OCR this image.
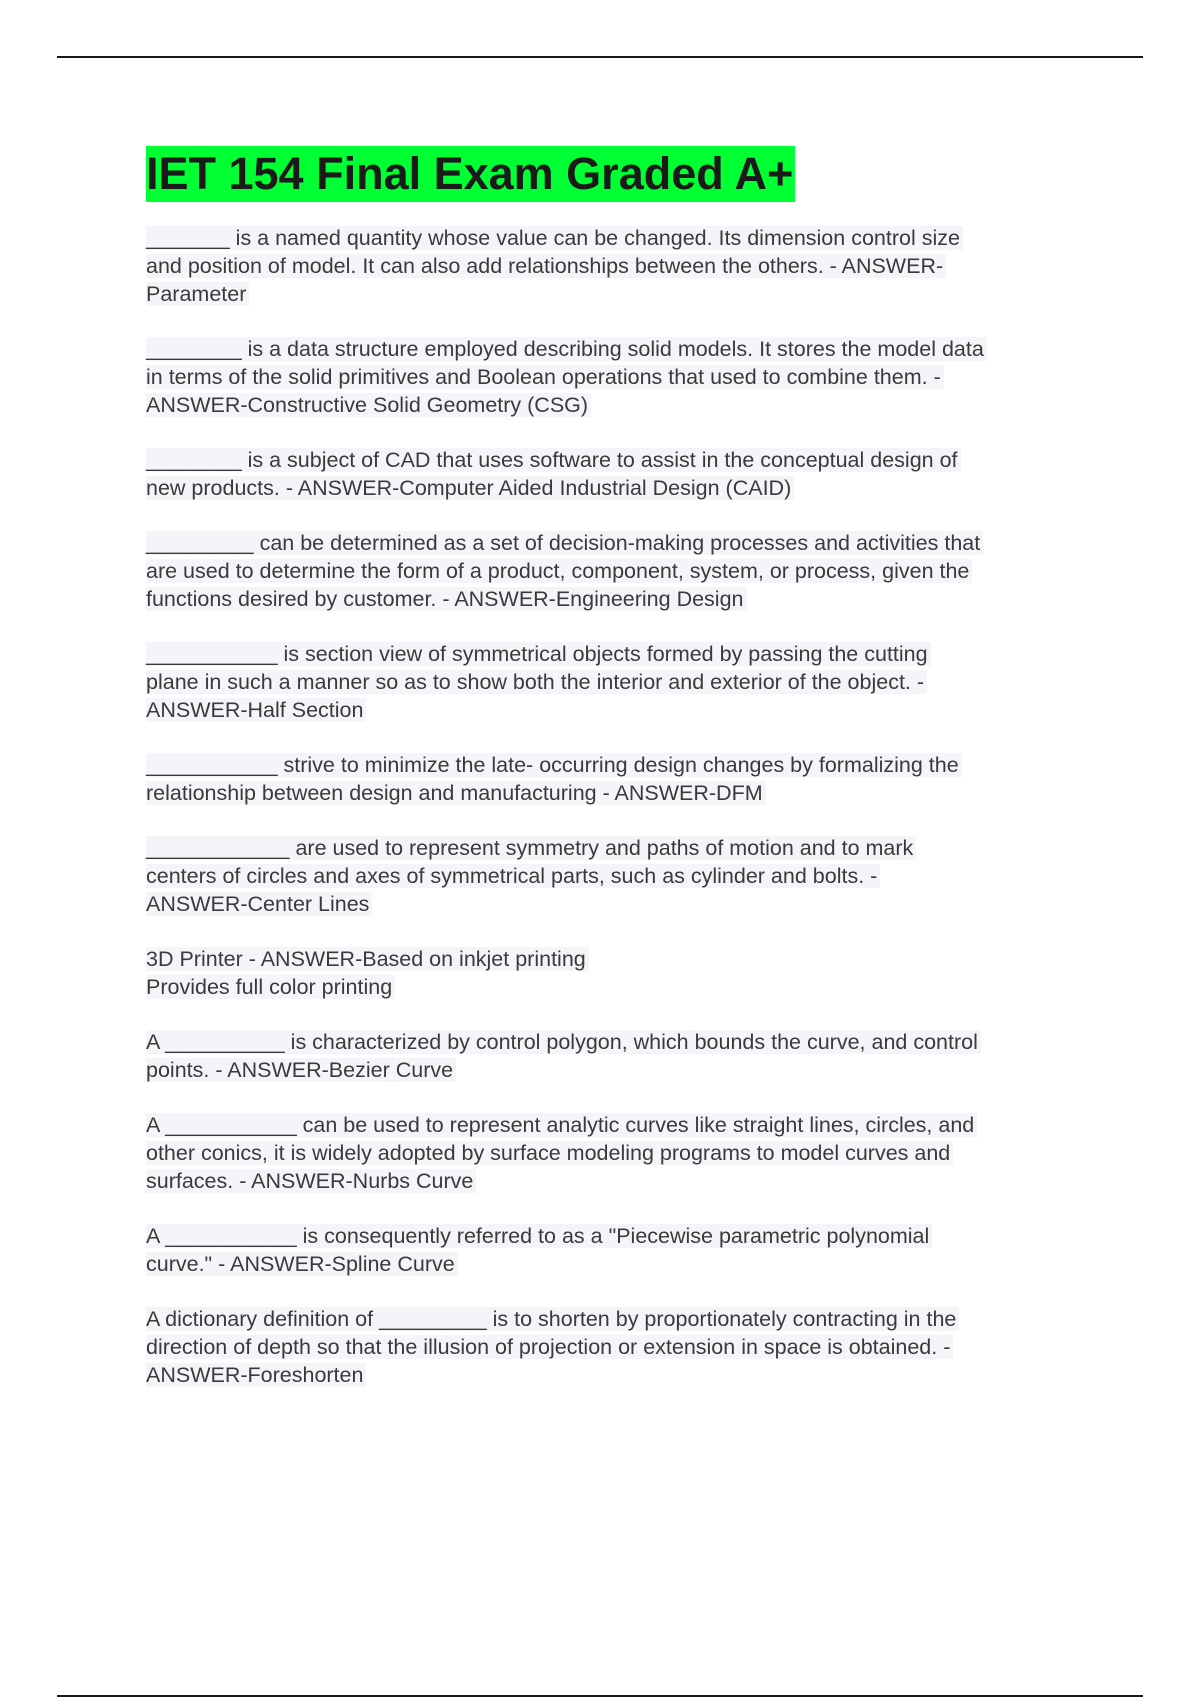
IET 154 Final Exam Graded A+

_______ is a named quantity whose value can be changed. Its dimension control size

and position of model. It can also add relationships between the others. - ANSWER-

Parameter

________ is a data structure employed describing solid models. It stores the model data

in terms of the solid primitives and Boolean operations that used to combine them. -

ANSWER-Constructive Solid Geometry (CSG)

________ is a subject of CAD that uses software to assist in the conceptual design of

new products. - ANSWER-Computer Aided Industrial Design (CAID)

_________ can be determined as a set of decision-making processes and activities that

are used to determine the form of a product, component, system, or process, given the

functions desired by customer. - ANSWER-Engineering Design

___________ is section view of symmetrical objects formed by passing the cutting

plane in such a manner so as to show both the interior and exterior of the object. -

ANSWER-Half Section

___________ strive to minimize the late- occurring design changes by formalizing the

relationship between design and manufacturing - ANSWER-DFM

____________ are used to represent symmetry and paths of motion and to mark

centers of circles and axes of symmetrical parts, such as cylinder and bolts. -

ANSWER-Center Lines

3D Printer - ANSWER-Based on inkjet printing

Provides full color printing

A __________ is characterized by control polygon, which bounds the curve, and control

points. - ANSWER-Bezier Curve

A ___________ can be used to represent analytic curves like straight lines, circles, and

other conics, it is widely adopted by surface modeling programs to model curves and

surfaces. - ANSWER-Nurbs Curve

A ___________ is consequently referred to as a "Piecewise parametric polynomial

curve." - ANSWER-Spline Curve

A dictionary definition of _________ is to shorten by proportionately contracting in the

direction of depth so that the illusion of projection or extension in space is obtained. -

ANSWER-Foreshorten
